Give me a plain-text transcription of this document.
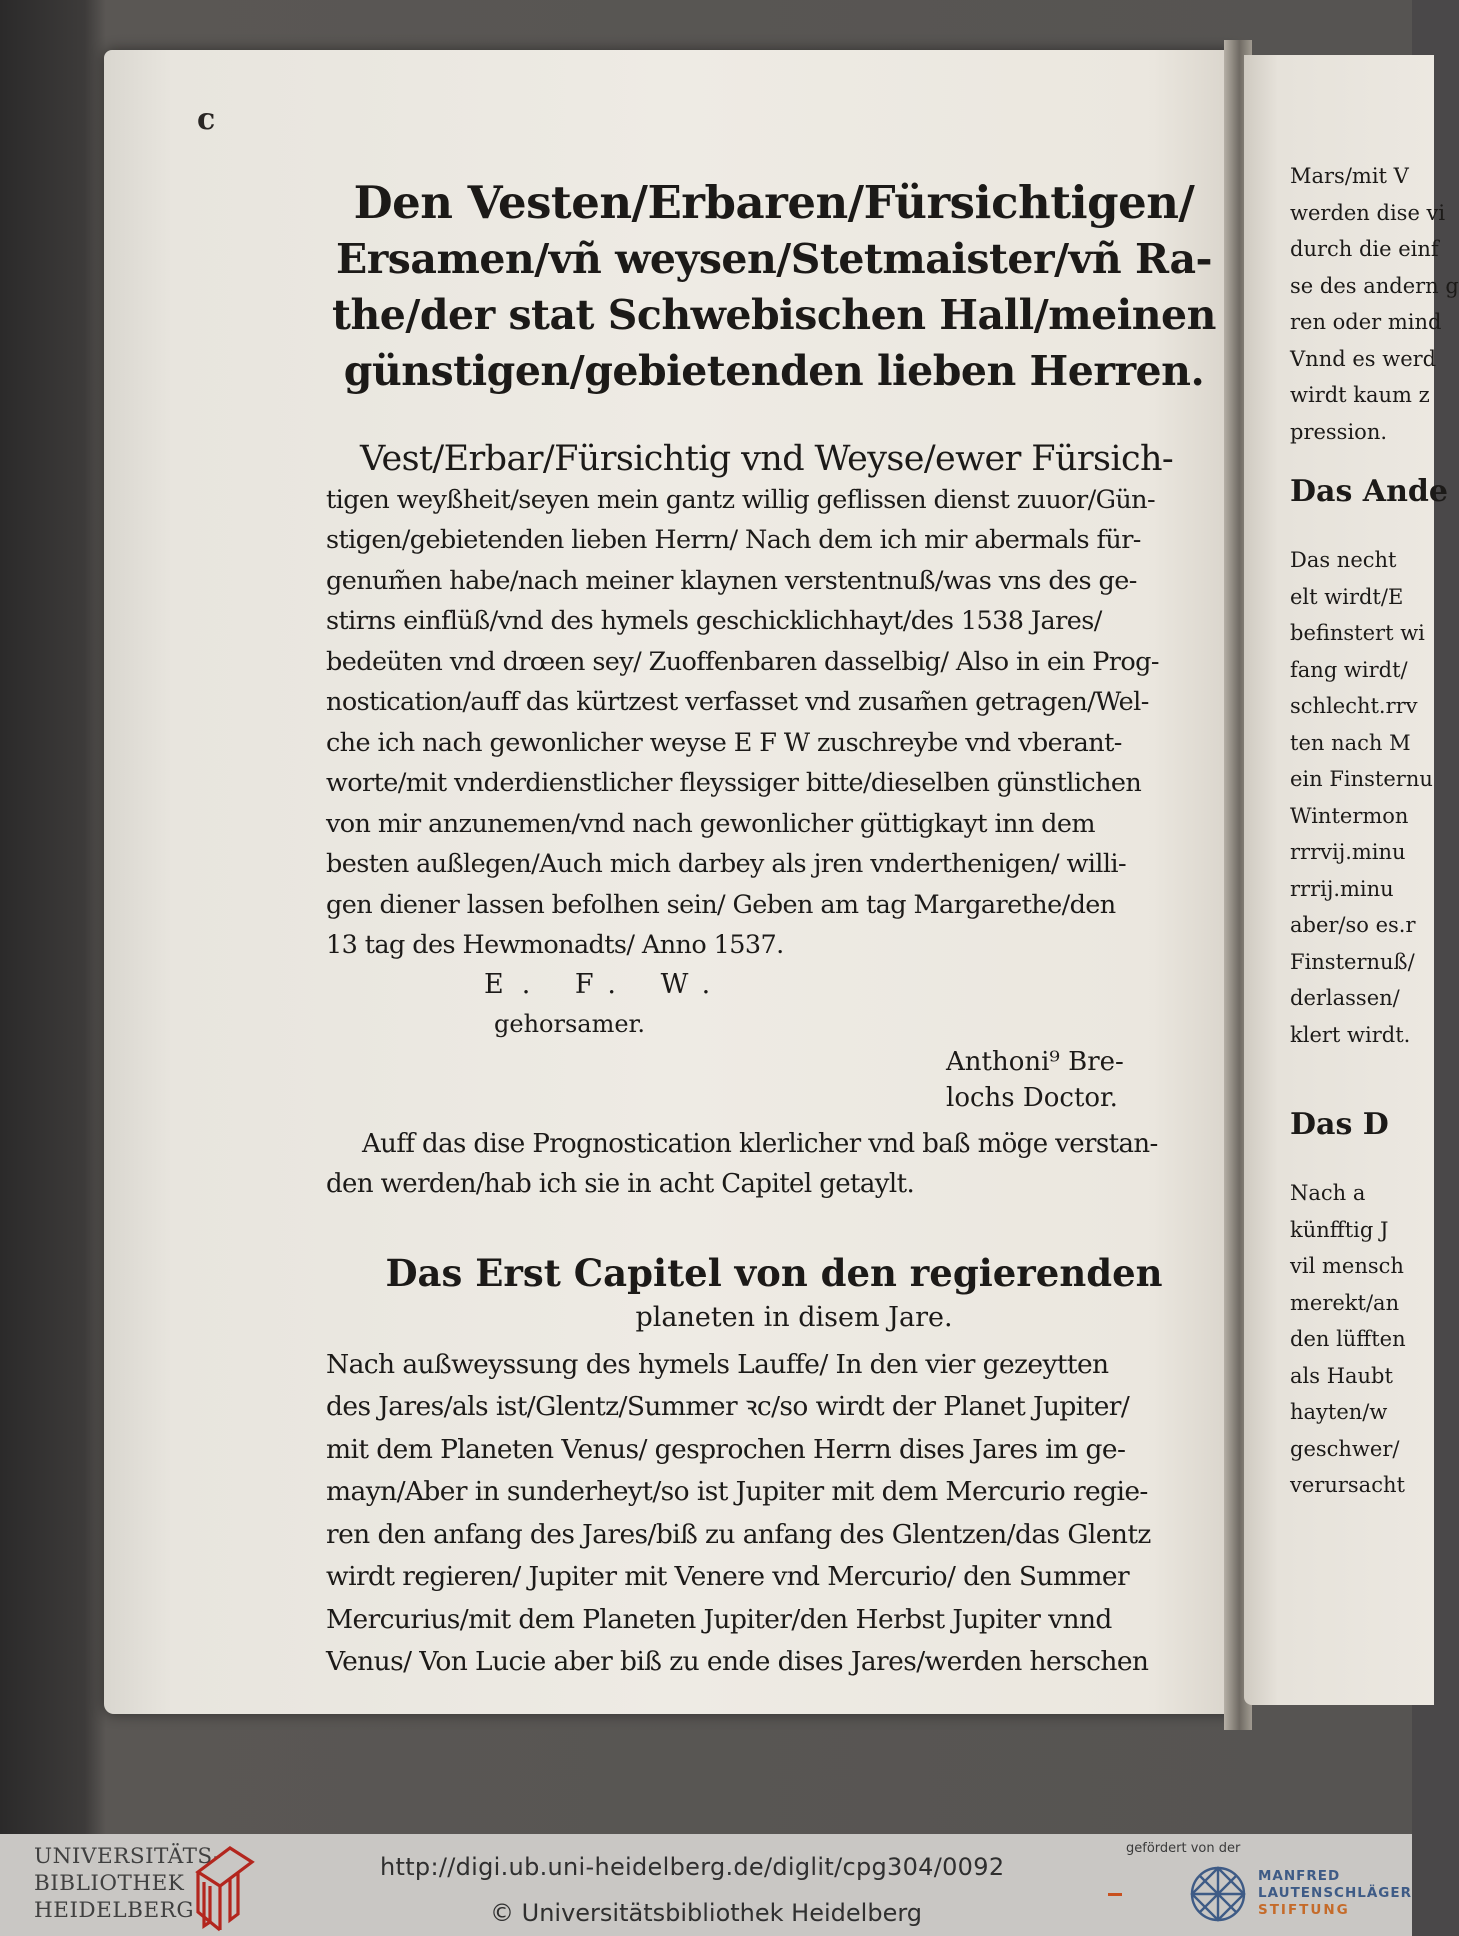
c

Den Vesten/Erbaren/Fürsichtigen/
Ersamen/vñ weysen/Stetmaister/vñ Ra-
the/der stat Schwebischen Hall/meinen
günstigen/gebietenden lieben Herren.

Vest/Erbar/Fürsichtig vnd Weyse/ewer Fürsich-
tigen weyßheit/seyen mein gantz willig geflissen dienst zuuor/Gün-
stigen/gebietenden lieben Herrn/ Nach dem ich mir abermals für-
genum̃en habe/nach meiner klaynen verstentnuß/was vns des ge-
stirns einflüß/vnd des hymels geschicklichhayt/des 1538 Jares/
bedeüten vnd drœen sey/ Zuoffenbaren dasselbig/ Also in ein Prog-
nostication/auff das kürtzest verfasset vnd zusam̃en getragen/Wel-
che ich nach gewonlicher weyse E F W zuschreybe vnd vberant-
worte/mit vnderdienstlicher fleyssiger bitte/dieselben günstlichen
von mir anzunemen/vnd nach gewonlicher güttigkayt inn dem
besten außlegen/Auch mich darbey als jren vnderthenigen/ willi-
gen diener lassen befolhen sein/ Geben am tag Margarethe/den
13 tag des Hewmonadts/ Anno 1537.
E. F. W.
gehorsamer.
Anthoni⁹ Bre-
lochs Doctor.
Auff das dise Prognostication klerlicher vnd baß möge verstan-
den werden/hab ich sie in acht Capitel getaylt.
Das Erst Capitel von den regierenden
planeten in disem Jare.
Nach außweyssung des hymels Lauffe/ In den vier gezeytten
des Jares/als ist/Glentz/Summer ꝛc/so wirdt der Planet Jupiter/
mit dem Planeten Venus/ gesprochen Herrn dises Jares im ge-
mayn/Aber in sunderheyt/so ist Jupiter mit dem Mercurio regie-
ren den anfang des Jares/biß zu anfang des Glentzen/das Glentz
wirdt regieren/ Jupiter mit Venere vnd Mercurio/ den Summer
Mercurius/mit dem Planeten Jupiter/den Herbst Jupiter vnnd
Venus/ Von Lucie aber biß zu ende dises Jares/werden herschen
Mars/mit V
werden dise vi
durch die einf
se des andern g
ren oder mind
Vnnd es werd
wirdt kaum z
pression.
Das Ande
Das necht
elt wirdt/E
befinstert wi
fang wirdt/
schlecht.rrv
ten nach M
ein Finsternu
Wintermon
rrrvij.minu
rrrij.minu
aber/so es.r
Finsternuß/
derlassen/
klert wirdt.
Das D
Nach a
künfftig J
vil mensch
merekt/an
den lüfften
als Haubt
hayten/w
geschwer/
verursacht
UNIVERSITÄTS-
BIBLIOTHEK
HEIDELBERG
http://digi.ub.uni-heidelberg.de/diglit/cpg304/0092
© Universitätsbibliothek Heidelberg
gefördert von der
MANFRED
LAUTENSCHLÄGER
STIFTUNG
